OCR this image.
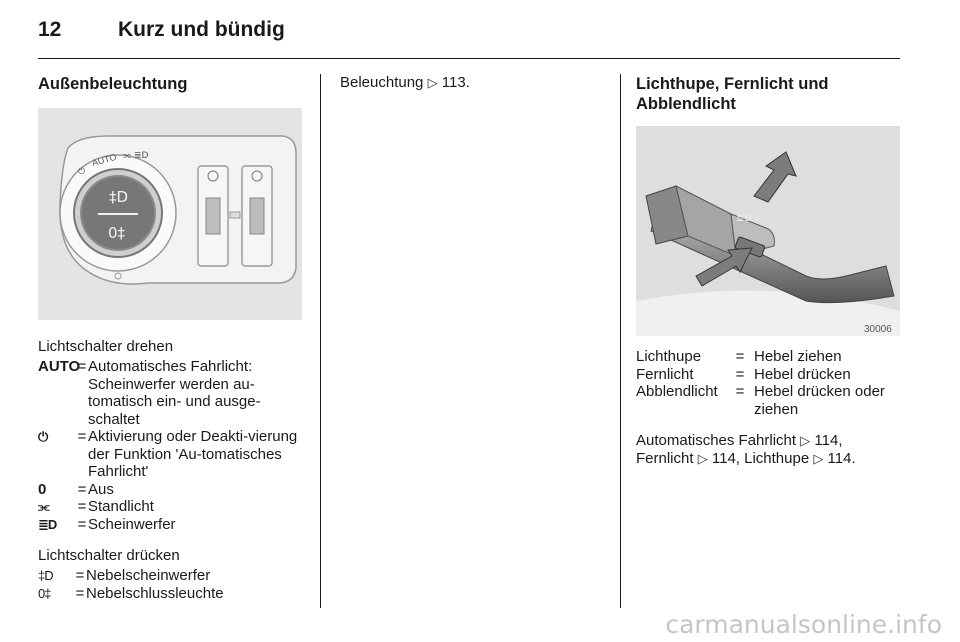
12	Kurz und bündig
Außenbeleuchtung
‡D
0‡
AUTO
⏻
⫘ ≣D

Lichtschalter drehen

AUTO
= Automatisches Fahrlicht: Scheinwerfer werden au-tomatisch ein- und ausge-schaltet
⏻	= Aktivierung oder Deakti-vierung der Funktion 'Au-tomatisches Fahrlicht'
0	= Aus
⫘	= Standlicht
≣D	= Scheinwerfer

Lichtschalter drücken

‡D	= Nebelscheinwerfer
0‡	= Nebelschlussleuchte

Beleuchtung ▷ 113.	Lichthupe, Fernlicht und Abblendlicht
≣D ⁞⁞
30006
Lichthupe	= Hebel ziehen
Fernlicht	= Hebel drücken
Abblendlicht	= Hebel drücken oder ziehen

Automatisches Fahrlicht ▷ 114,
Fernlicht ▷ 114, Lichthupe ▷ 114.

carmanualsonline.info
